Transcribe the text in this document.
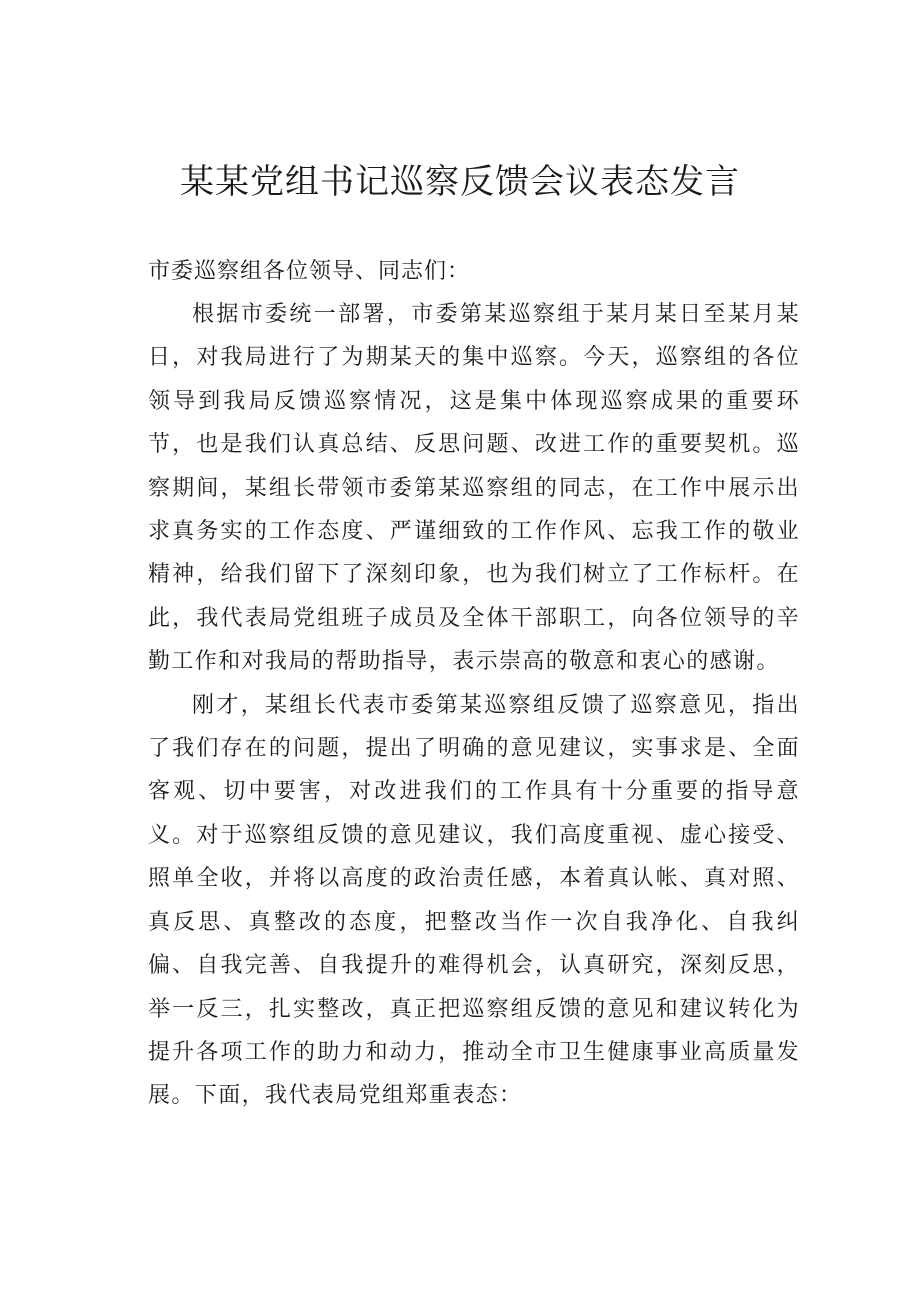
某某党组书记巡察反馈会议表态发言

市委巡察组各位领导、同志们：

根据市委统一部署，市委第某巡察组于某月某日至某月某日，对我局进行了为期某天的集中巡察。今天，巡察组的各位领导到我局反馈巡察情况，这是集中体现巡察成果的重要环节，也是我们认真总结、反思问题、改进工作的重要契机。巡察期间，某组长带领市委第某巡察组的同志，在工作中展示出求真务实的工作态度、严谨细致的工作作风、忘我工作的敬业精神，给我们留下了深刻印象，也为我们树立了工作标杆。在此，我代表局党组班子成员及全体干部职工，向各位领导的辛勤工作和对我局的帮助指导，表示崇高的敬意和衷心的感谢。

刚才，某组长代表市委第某巡察组反馈了巡察意见，指出了我们存在的问题，提出了明确的意见建议，实事求是、全面客观、切中要害，对改进我们的工作具有十分重要的指导意义。对于巡察组反馈的意见建议，我们高度重视、虚心接受、照单全收，并将以高度的政治责任感，本着真认帐、真对照、真反思、真整改的态度，把整改当作一次自我净化、自我纠偏、自我完善、自我提升的难得机会，认真研究，深刻反思，举一反三，扎实整改，真正把巡察组反馈的意见和建议转化为提升各项工作的助力和动力，推动全市卫生健康事业高质量发展。下面，我代表局党组郑重表态：
